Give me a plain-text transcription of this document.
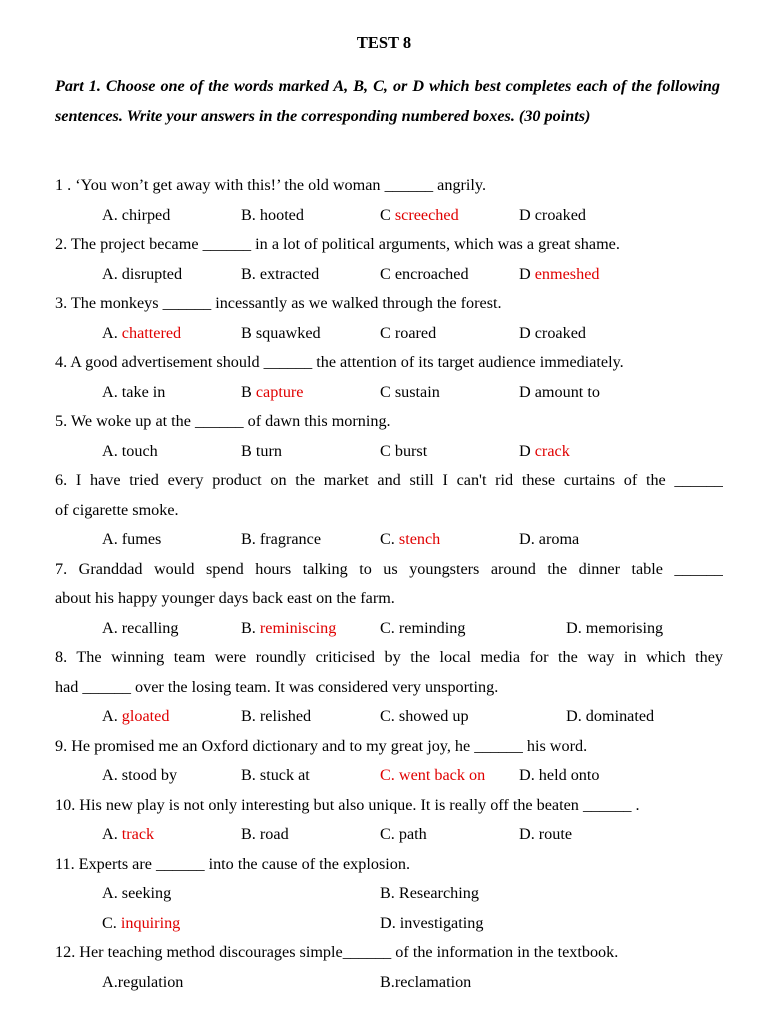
TEST 8
Part 1. Choose one of the words marked A, B, C, or D which best completes each of the following sentences. Write your answers in the corresponding numbered boxes. (30 points)
1 . ‘You won’t get away with this!’ the old woman ______ angrily.
A. chirped	B. hooted	C screeched	D croaked
2. The project became ______ in a lot of political arguments, which was a great shame.
A. disrupted	B. extracted	C encroached	D enmeshed
3. The monkeys ______ incessantly as we walked through the forest.
A. chattered	B squawked	C roared	D croaked
4. A good advertisement should ______ the attention of its target audience immediately.
A. take in	B capture	C sustain	D amount to
5. We woke up at the ______ of dawn this morning.
A. touch	B turn	C burst	D crack
6. I have tried every product on the market and still I can't rid these curtains of the ______
of cigarette smoke.
A. fumes	B. fragrance	C. stench	D. aroma
7. Granddad would spend hours talking to us youngsters around the dinner table ______
about his happy younger days back east on the farm.
A. recalling	B. reminiscing	C. reminding	D. memorising
8. The winning team were roundly criticised by the local media for the way in which they
had ______ over the losing team. It was considered very unsporting.
A. gloated	B. relished	C. showed up	D. dominated
9. He promised me an Oxford dictionary and to my great joy, he ______ his word.
A. stood by	B. stuck at	C. went back on D. held onto
10. His new play is not only interesting but also unique. It is really off the beaten ______ .
A. track	B. road	C. path	D. route
11. Experts are ______ into the cause of the explosion.
A. seeking	B. Researching
C. inquiring	D. investigating
12. Her teaching method discourages simple______ of the information in the textbook.
A.regulation	B.reclamation
